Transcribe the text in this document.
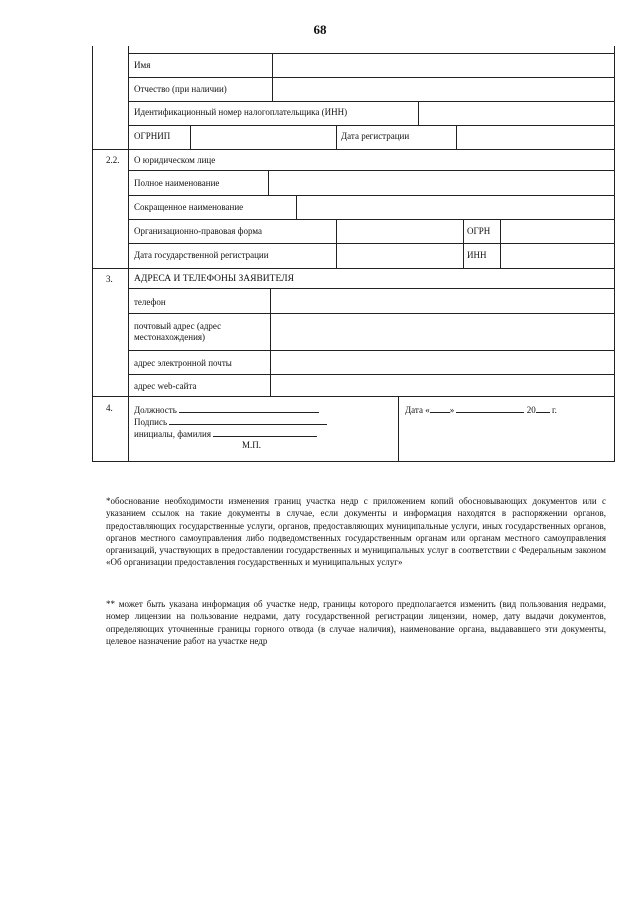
68
Имя
Отчество (при наличии)
Идентификационный номер налогоплательщика (ИНН)
ОГРНИП	Дата регистрации
2.2. О юридическом лице
Полное наименование
Сокращенное наименование
Организационно-правовая форма	ОГРН
Дата государственной регистрации	ИНН
3. АДРЕСА И ТЕЛЕФОНЫ ЗАЯВИТЕЛЯ
телефон
почтовый адрес (адрес
местонахождения)
адрес электронной почты
адрес web-сайта
4. Должность
Подпись
инициалы, фамилия
М.П.
Дата « »	20 г.
*обоснование необходимости изменения границ участка недр с приложением копий обосновывающих документов или с указанием ссылок на такие документы в случае, если документы и информация находятся в распоряжении органов, предоставляющих государственные услуги, органов, предоставляющих муниципальные услуги, иных государственных органов, органов местного самоуправления либо подведомственных государственным органам или органам местного самоуправления организаций, участвующих в предоставлении государственных и муниципальных услуг в соответствии с Федеральным законом «Об организации предоставления государственных и муниципальных услуг»
** может быть указана информация об участке недр, границы которого предполагается изменить (вид пользования недрами, номер лицензии на пользование недрами, дату государственной регистрации лицензии, номер, дату выдачи документов, определяющих уточненные границы горного отвода (в случае наличия), наименование органа, выдававшего эти документы, целевое назначение работ на участке недр
